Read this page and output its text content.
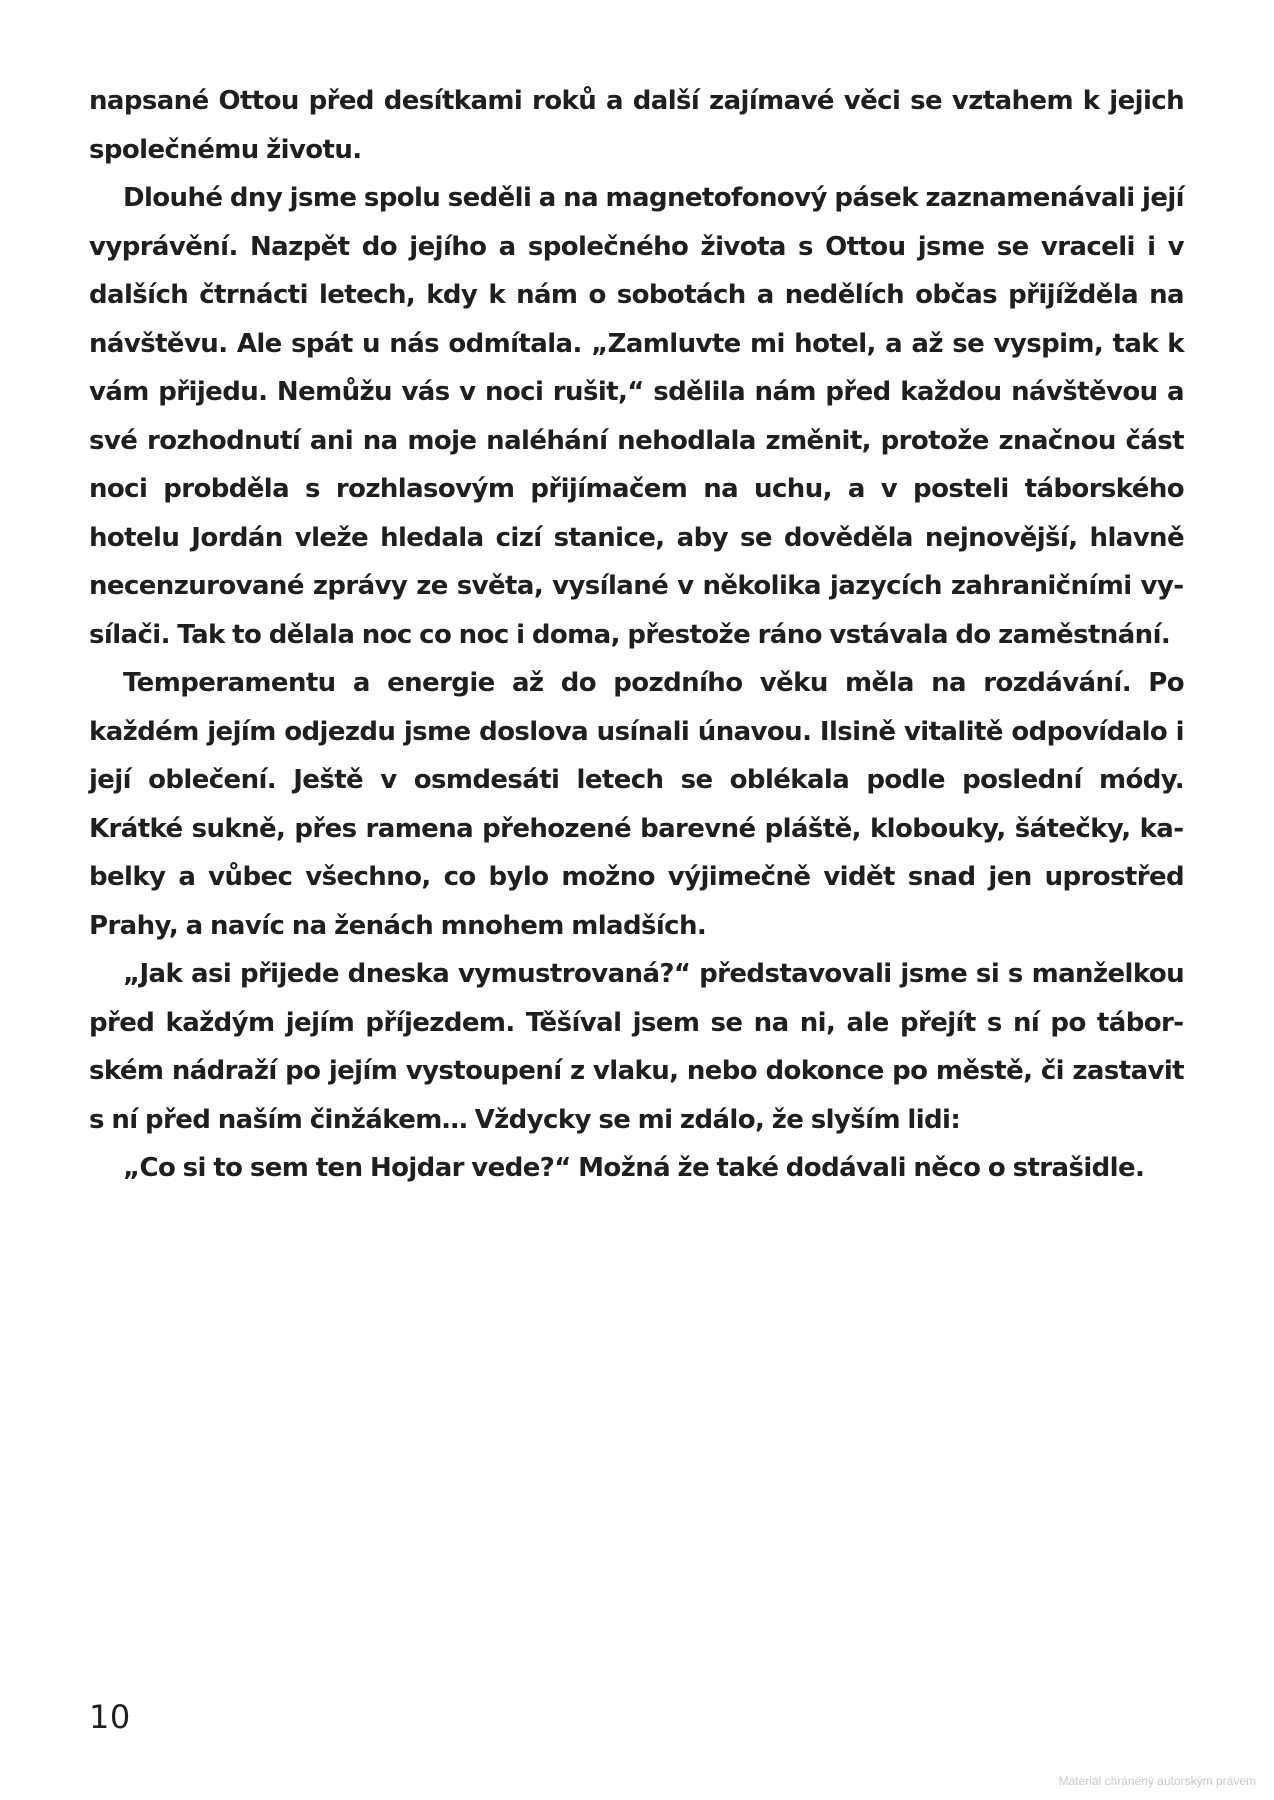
napsané Ottou před desítkami roků a další zajímavé věci se vztahem k jejich společnému životu.

Dlouhé dny jsme spolu seděli a na magnetofonový pásek zaznamenávali její vyprávění. Nazpět do jejího a společného života s Ottou jsme se vraceli i v dalších čtrnácti letech, kdy k nám o sobotách a nedělích občas přijížděla na návštěvu. Ale spát u nás odmítala. „Zamluvte mi hotel, a až se vyspim, tak k vám přijedu. Nemůžu vás v noci rušit,“ sdělila nám před každou návštěvou a své rozhodnutí ani na moje naléhání nehodlala změnit, protože značnou část noci probděla s rozhlasovým přijímačem na uchu, a v posteli táborského hotelu Jordán vleže hledala cizí stanice, aby se dověděla nejnovější, hlavně necenzurované zprávy ze světa, vysílané v několika jazycích zahraničními vysílači. Tak to dělala noc co noc i doma, přestože ráno vstávala do zaměstnání.

Temperamentu a energie až do pozdního věku měla na rozdávání. Po každém jejím odjezdu jsme doslova usínali únavou. Ilsině vitalitě odpovídalo i její oblečení. Ještě v osmdesáti letech se oblékala podle poslední módy. Krátké sukně, přes ramena přehozené barevné pláště, klobouky, šátečky, kabelky a vůbec všechno, co bylo možno výjimečně vidět snad jen uprostřed Prahy, a navíc na ženách mnohem mladších.

„Jak asi přijede dneska vymustrovaná?“ představovali jsme si s manželkou před každým jejím příjezdem. Těšíval jsem se na ni, ale přejít s ní po táborském nádraží po jejím vystoupení z vlaku, nebo dokonce po městě, či zastavit s ní před naším činžákem… Vždycky se mi zdálo, že slyším lidi:

„Co si to sem ten Hojdar vede?“ Možná že také dodávali něco o strašidle.

10
Materiál chráněný autorským právem
